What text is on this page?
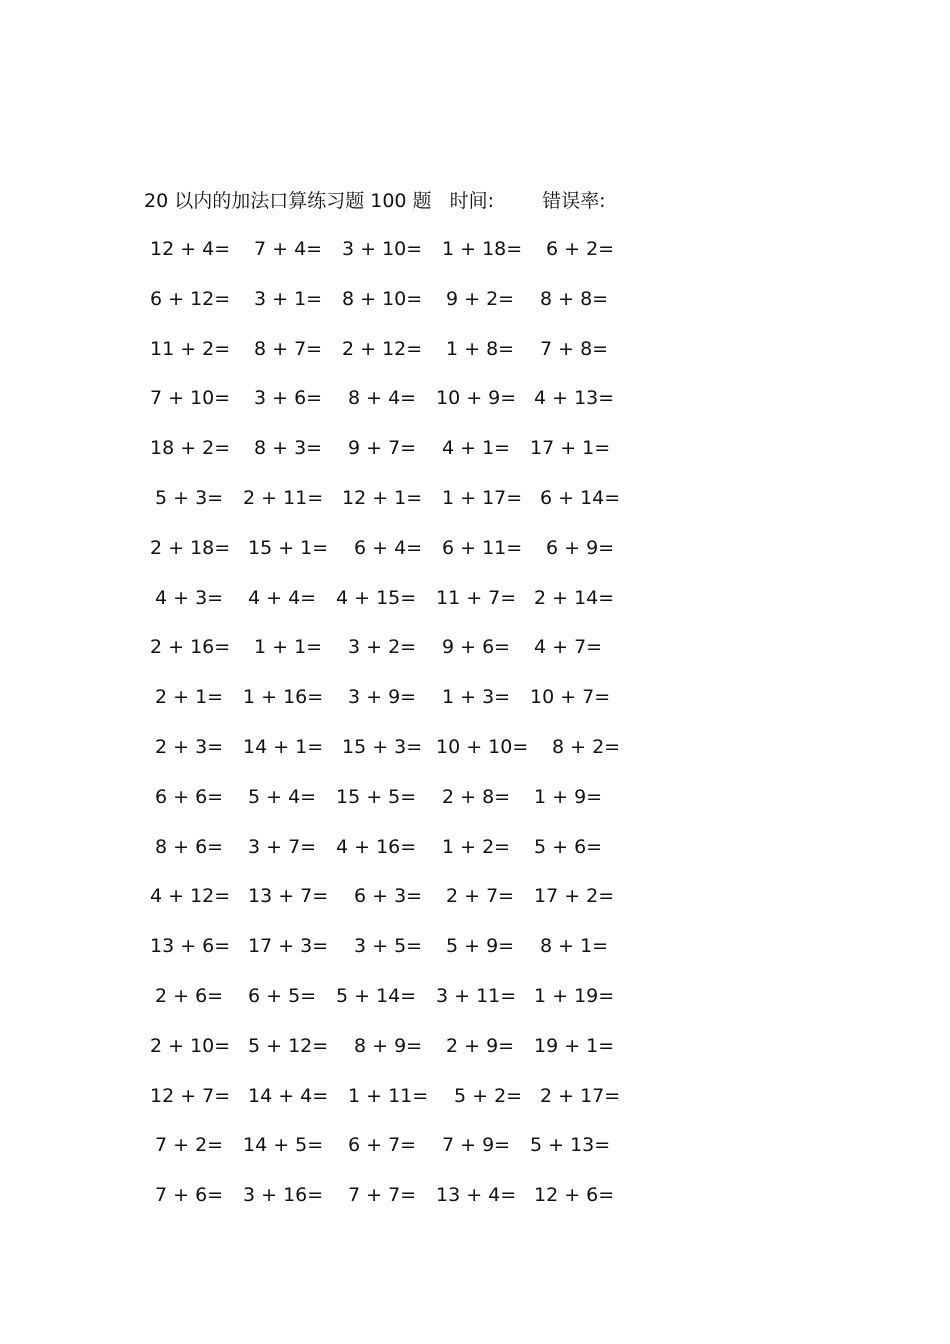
20 以内的加法口算练习题 100 题 时间:	错误率:
12 + 4= 7 + 4= 3 + 10= 1 + 18= 6 + 2=
6 + 12= 3 + 1= 8 + 10= 9 + 2= 8 + 8=
11 + 2= 8 + 7= 2 + 12= 1 + 8= 7 + 8=
7 + 10= 3 + 6= 8 + 4= 10 + 9= 4 + 13=
18 + 2= 8 + 3= 9 + 7= 4 + 1= 17 + 1=
5 + 3= 2 + 11= 12 + 1= 1 + 17= 6 + 14=
2 + 18= 15 + 1= 6 + 4= 6 + 11= 6 + 9=
4 + 3= 4 + 4= 4 + 15= 11 + 7= 2 + 14=
2 + 16= 1 + 1= 3 + 2= 9 + 6= 4 + 7=
2 + 1= 1 + 16= 3 + 9= 1 + 3= 10 + 7=
2 + 3= 14 + 1= 15 + 3= 10 + 10= 8 + 2=
6 + 6= 5 + 4= 15 + 5= 2 + 8= 1 + 9=
8 + 6= 3 + 7= 4 + 16= 1 + 2= 5 + 6=
4 + 12= 13 + 7= 6 + 3= 2 + 7= 17 + 2=
13 + 6= 17 + 3= 3 + 5= 5 + 9= 8 + 1=
2 + 6= 6 + 5= 5 + 14= 3 + 11= 1 + 19=
2 + 10= 5 + 12= 8 + 9= 2 + 9= 19 + 1=
12 + 7= 14 + 4= 1 + 11= 5 + 2= 2 + 17=
7 + 2= 14 + 5= 6 + 7= 7 + 9= 5 + 13=
7 + 6= 3 + 16= 7 + 7= 13 + 4= 12 + 6=
